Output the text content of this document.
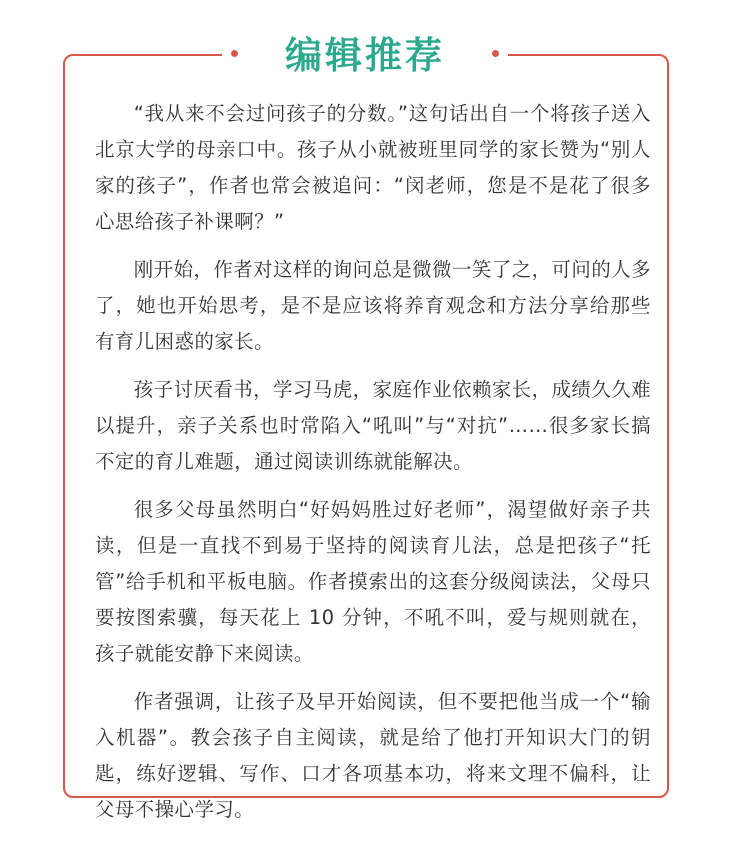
编辑推荐

“我从来不会过问孩子的分数。”这句话出自一个将孩子送入北京大学的母亲口中。孩子从小就被班里同学的家长赞为“别人家的孩子”，作者也常会被追问：“闵老师，您是不是花了很多心思给孩子补课啊？”

刚开始，作者对这样的询问总是微微一笑了之，可问的人多了，她也开始思考，是不是应该将养育观念和方法分享给那些有育儿困惑的家长。

孩子讨厌看书，学习马虎，家庭作业依赖家长，成绩久久难以提升，亲子关系也时常陷入“吼叫”与“对抗”……很多家长搞不定的育儿难题，通过阅读训练就能解决。

很多父母虽然明白“好妈妈胜过好老师”，渴望做好亲子共读，但是一直找不到易于坚持的阅读育儿法，总是把孩子“托管”给手机和平板电脑。作者摸索出的这套分级阅读法，父母只要按图索骥，每天花上 10 分钟，不吼不叫，爱与规则就在，孩子就能安静下来阅读。

作者强调，让孩子及早开始阅读，但不要把他当成一个“输入机器”。教会孩子自主阅读，就是给了他打开知识大门的钥匙，练好逻辑、写作、口才各项基本功，将来文理不偏科，让父母不操心学习。
